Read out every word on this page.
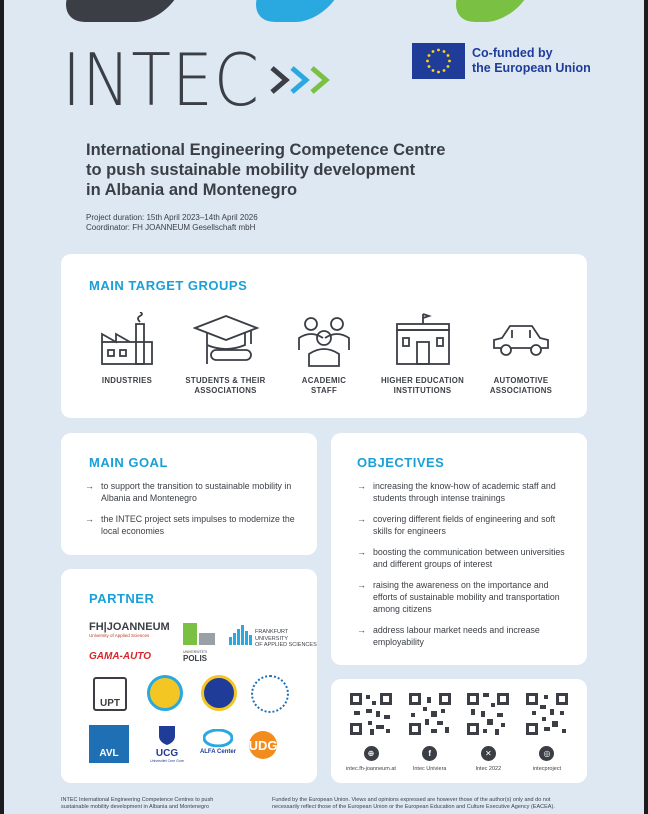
INTEC	Co-funded by
the European Union
International Engineering Competence Centre
to push sustainable mobility development
in Albania and Montenegro
Project duration: 15th April 2023–14th April 2026
Coordinator: FH JOANNEUM Gesellschaft mbH
MAIN TARGET GROUPS
INDUSTRIES	STUDENTS & THEIR
ASSOCIATIONS
ACADEMIC
STAFF
HIGHER EDUCATION
INSTITUTIONS
AUTOMOTIVE
ASSOCIATIONS
MAIN GOAL
→ to support the transition to sustainable mobility in Albania and Montenegro
→ the INTEC project sets impulses to modernize the local economies
OBJECTIVES
→ increasing the know-how of academic staff and students through intense trainings
→ covering different fields of engineering and soft skills for engineers
→ boosting the communication between universities and different groups of interest
→ raising the awareness on the importance and efforts of sustainable mobility and transportation among citizens
→ address labour market needs and increase employability
PARTNER
FH|JOANNEUM
University of Applied Sciences
GAMA-AUTO	UNIVERSITETI
POLIS
FRANKFURT
UNIVERSITY
OF APPLIED SCIENCES
UPT
AVL	UCG
Univerzitet Crne Gore
ALFA Center UDG
⊕
intec.fh-joanneum.at
f
Intec Univiera
✕
Intec 2022
◎
intecproject
INTEC International Engineering Competence Centres to push
sustainable mobility development in Albania and Montenegro
Funded by the European Union. Views and opinions expressed are however those of the author(s) only and do not
necessarily reflect those of the European Union or the European Education and Culture Executive Agency (EACEA).
